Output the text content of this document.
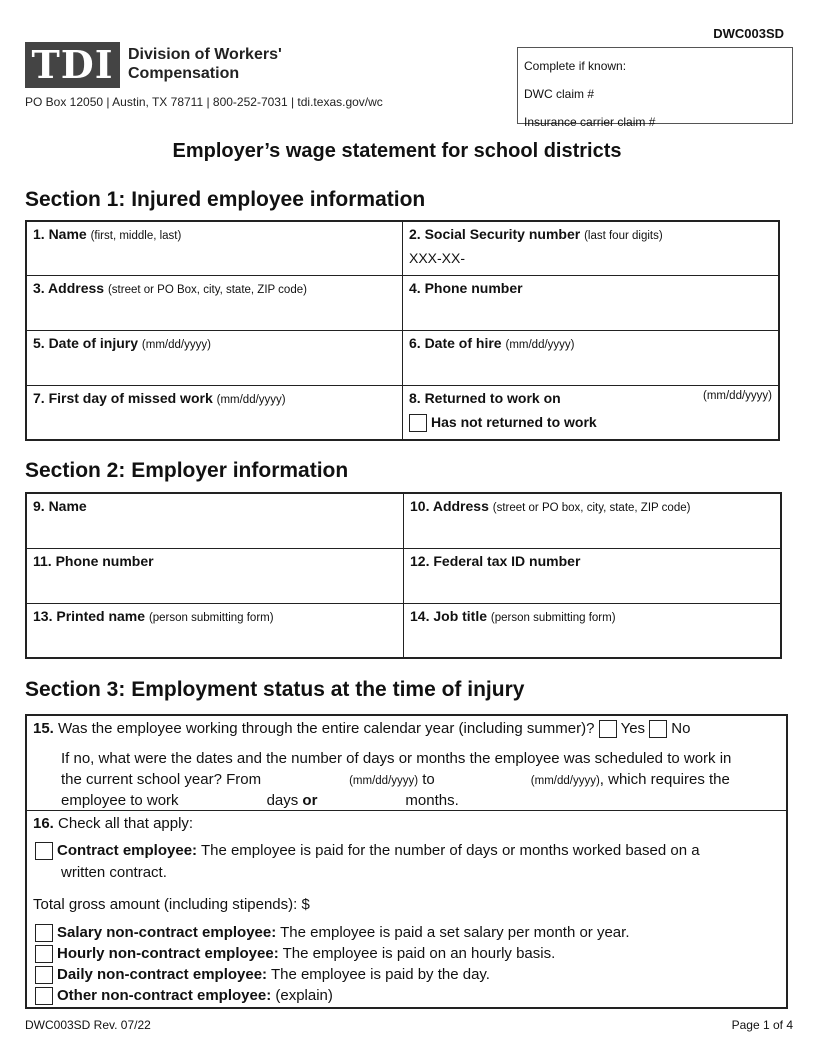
DWC003SD
TDI Division of Workers'
Compensation
PO Box 12050 | Austin, TX 78711 | 800-252-7031 | tdi.texas.gov/wc
Complete if known:
DWC claim #
Insurance carrier claim #
Employer’s wage statement for school districts
Section 1: Injured employee information
1. Name (first, middle, last)	2. Social Security number (last four digits)
XXX-XX-

3. Address (street or PO Box, city, state, ZIP code)	4. Phone number
5. Date of injury (mm/dd/yyyy)	6. Date of hire (mm/dd/yyyy)
7. First day of missed work (mm/dd/yyyy)	8. Returned to work on (mm/dd/yyyy)
Has not returned to work
Section 2: Employer information
9. Name	10. Address (street or PO box, city, state, ZIP code)
11. Phone number	12. Federal tax ID number
13. Printed name (person submitting form)	14. Job title (person submitting form)
Section 3: Employment status at the time of injury
15. Was the employee working through the entire calendar year (including summer)? Yes No
If no, what were the dates and the number of days or months the employee was scheduled to work in
the current school year? From	(mm/dd/yyyy) to	(mm/dd/yyyy), which requires the
employee to work	days or	months.
16. Check all that apply:
Contract employee: The employee is paid for the number of days or months worked based on a
written contract.
Total gross amount (including stipends): $
Salary non-contract employee: The employee is paid a set salary per month or year.
Hourly non-contract employee: The employee is paid on an hourly basis.
Daily non-contract employee: The employee is paid by the day.
Other non-contract employee: (explain)
DWC003SD Rev. 07/22	Page 1 of 4
